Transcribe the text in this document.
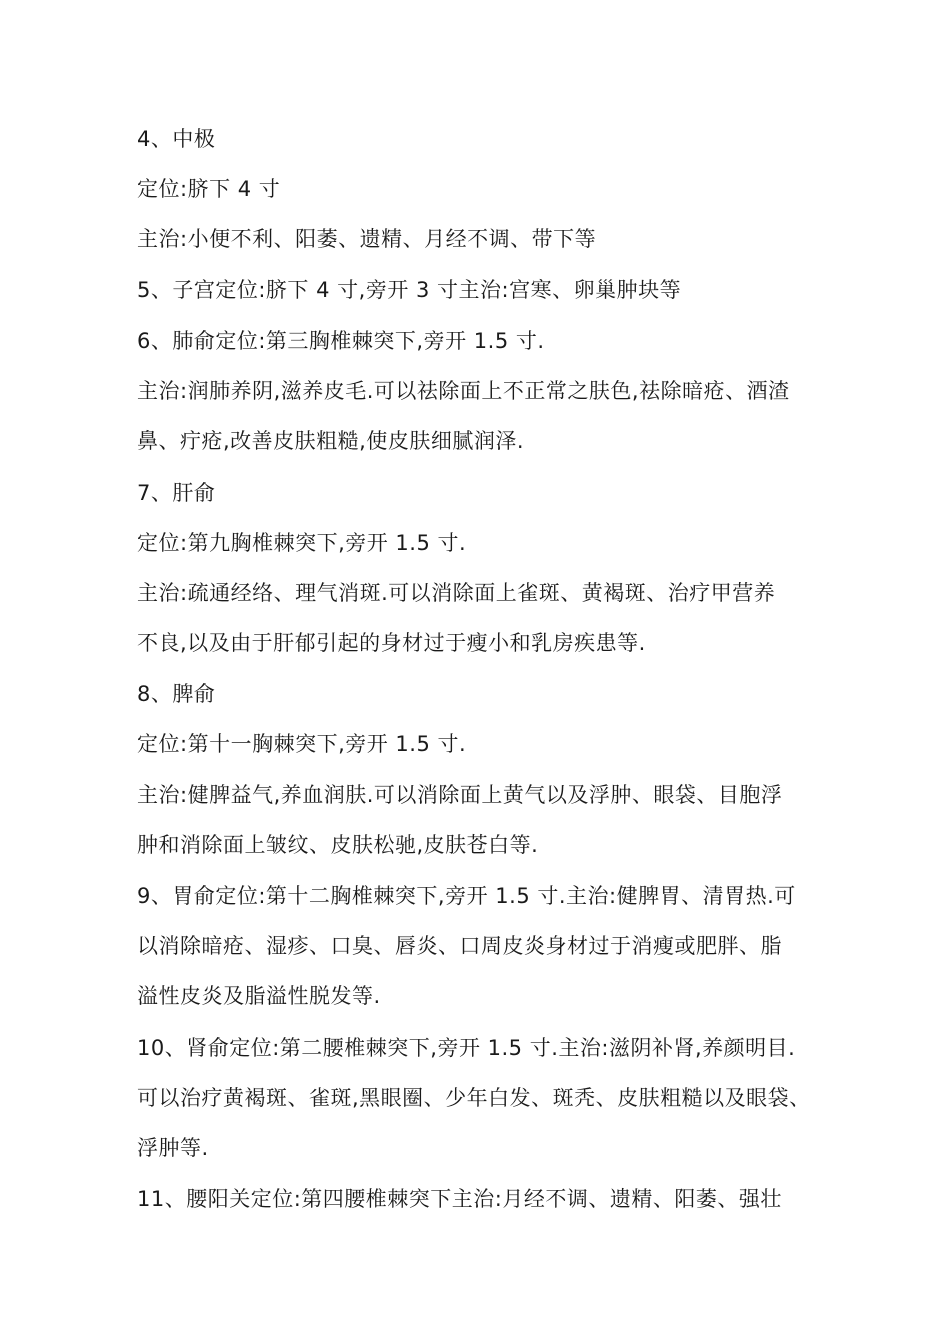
4、中极
定位:脐下 4 寸
主治:小便不利、阳萎、遗精、月经不调、带下等
5、子宫定位:脐下 4 寸,旁开 3 寸主治:宫寒、卵巢肿块等
6、肺俞定位:第三胸椎棘突下,旁开 1.5 寸.
主治:润肺养阴,滋养皮毛.可以祛除面上不正常之肤色,祛除暗疮、酒渣
鼻、疔疮,改善皮肤粗糙,使皮肤细腻润泽.
7、肝俞
定位:第九胸椎棘突下,旁开 1.5 寸.
主治:疏通经络、理气消斑.可以消除面上雀斑、黄褐斑、治疗甲营养
不良,以及由于肝郁引起的身材过于瘦小和乳房疾患等.
8、脾俞
定位:第十一胸棘突下,旁开 1.5 寸.
主治:健脾益气,养血润肤.可以消除面上黄气以及浮肿、眼袋、目胞浮
肿和消除面上皱纹、皮肤松驰,皮肤苍白等.
9、胃俞定位:第十二胸椎棘突下,旁开 1.5 寸.主治:健脾胃、清胃热.可
以消除暗疮、湿疹、口臭、唇炎、口周皮炎身材过于消瘦或肥胖、脂
溢性皮炎及脂溢性脱发等.
10、肾俞定位:第二腰椎棘突下,旁开 1.5 寸.主治:滋阴补肾,养颜明目.
可以治疗黄褐斑、雀斑,黑眼圈、少年白发、斑秃、皮肤粗糙以及眼袋、
浮肿等.
11、腰阳关定位:第四腰椎棘突下主治:月经不调、遗精、阳萎、强壮
